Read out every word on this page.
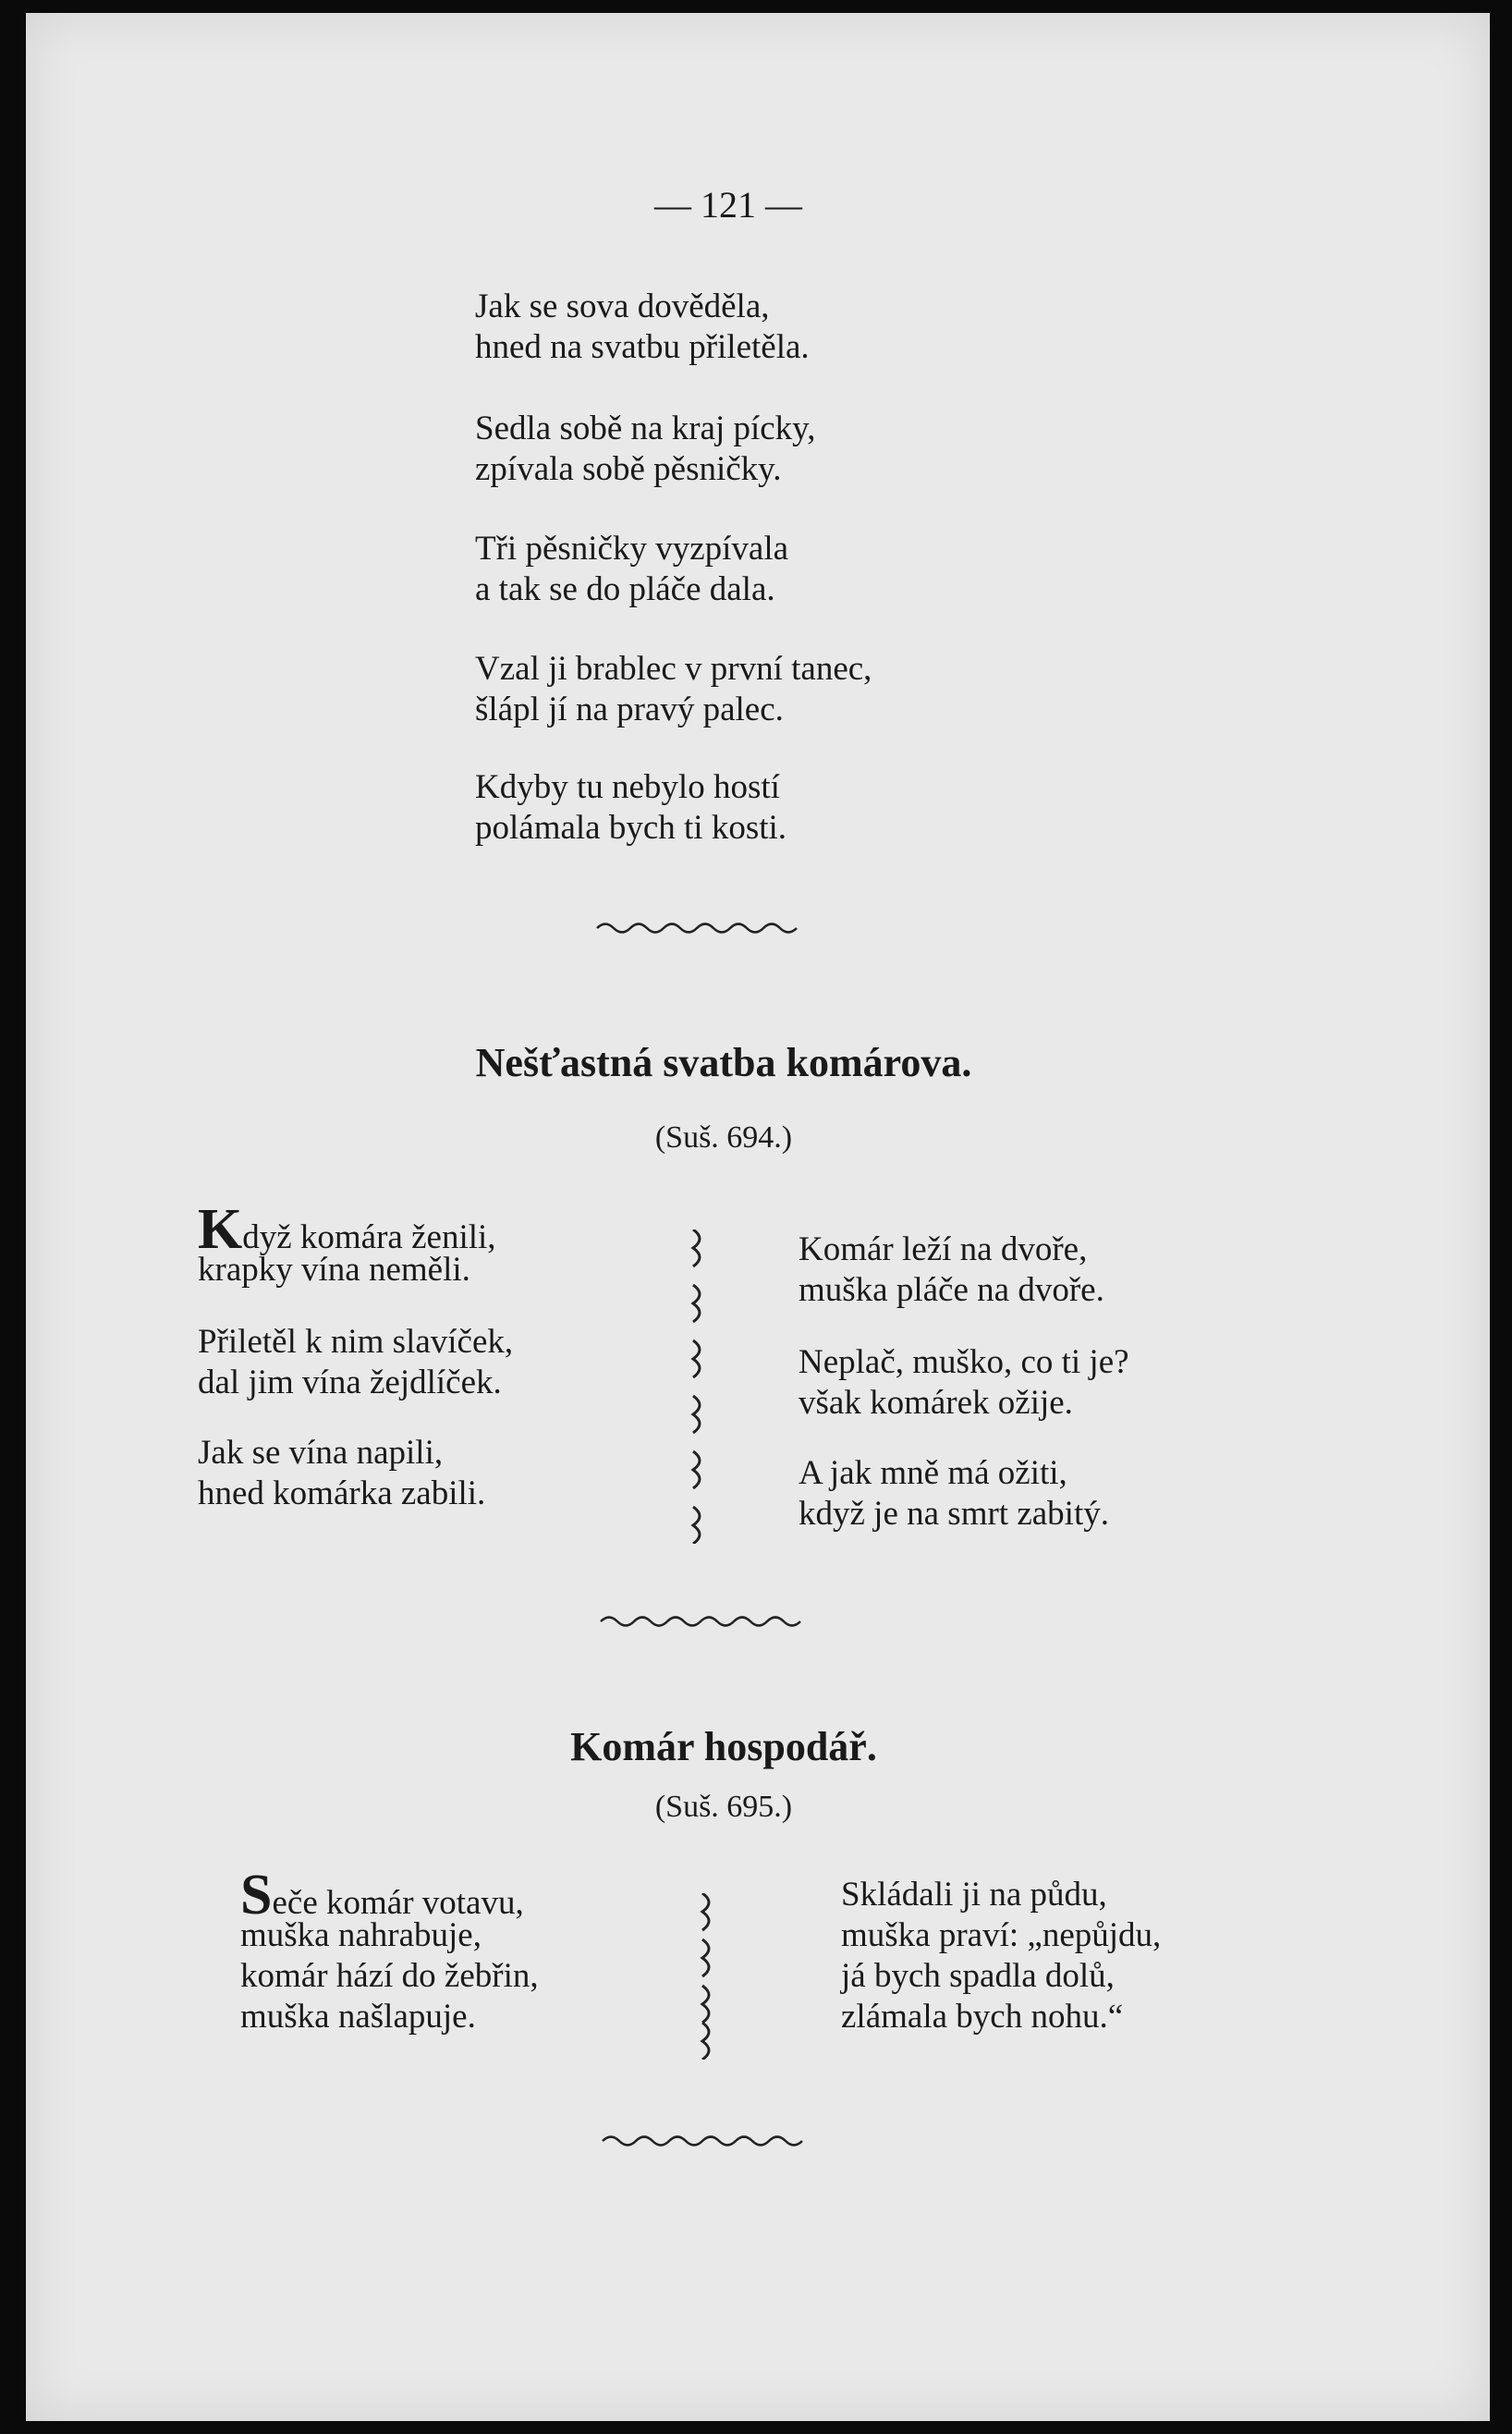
— 121 —
Jak se sova dověděla,
hned na svatbu přiletěla.
Sedla sobě na kraj pícky,
zpívala sobě pěsničky.
Tři pěsničky vyzpívala
a tak se do pláče dala.
Vzal ji brablec v první tanec,
šlápl jí na pravý palec.
Kdyby tu nebylo hostí
polámala bych ti kosti.
Nešťastná svatba komárova.
(Suš. 694.)
Když komára ženili,
krapky vína neměli.
Přiletěl k nim slavíček,
dal jim vína žejdlíček.
Jak se vína napili,
hned komárka zabili.
Komár leží na dvoře,
muška pláče na dvoře.
Neplač, muško, co ti je?
však komárek ožije.
A jak mně má ožiti,
když je na smrt zabitý.
Komár hospodář.
(Suš. 695.)
Seče komár votavu,
muška nahrabuje,
komár hází do žebřin,
muška našlapuje.
Skládali ji na půdu,
muška praví: „nepůjdu,
já bych spadla dolů,
zlámala bych nohu.“
